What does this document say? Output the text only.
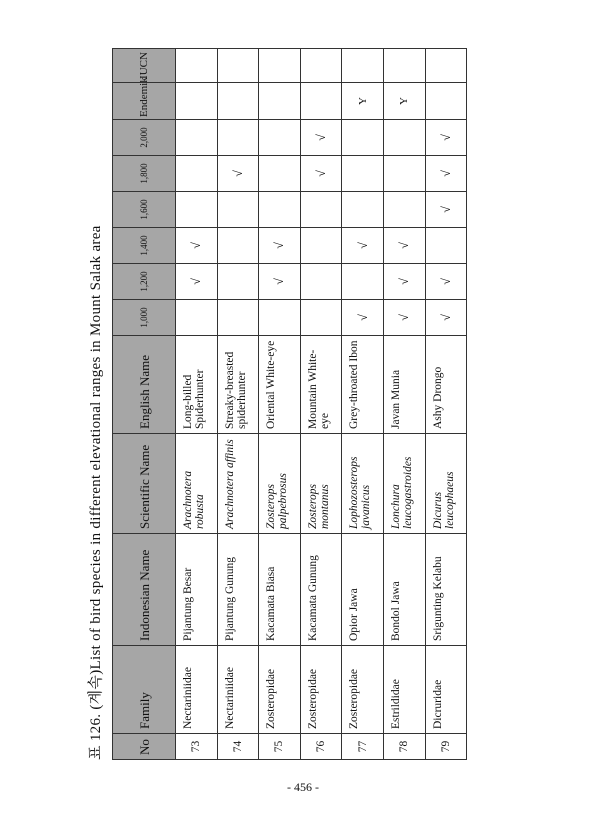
표 126. (계속)List of bird species in different elevational ranges in Mount Salak area	No	Family	Indonesian Name	Scientific Name	English Name	1,000	1,200	1,400	1,600	1,800	2,000	Endemik	IUCN
73	Nectariniidae	Pijantung Besar	Arachnotera robusta	Long-billed Spiderhunter		√	√					
74	Nectariniidae	Pijantung Gunung	Arachnotera affinis	Streaky-breasted spiderhunter					√			
75	Zosteropidae	Kacamata Biasa	Zosterops palpebrosus	Oriental White-eye		√	√					
76	Zosteropidae	Kacamata Gunung	Zosterops montanus	Mountain White-eye					√	√		
77	Zosteropidae	Opior Jawa	Lophozosterops javanicus	Grey-throated Ibon	√		√				Y	
78	Estrildidae	Bondol Jawa	Lonchura leucogastroides	Javan Munia	√	√	√				Y	
79	Dicruridae	Srigunting Kelabu	Dicurus leucophaeus	Ashy Drongo	√	√		√	√	√		
- 456 -
